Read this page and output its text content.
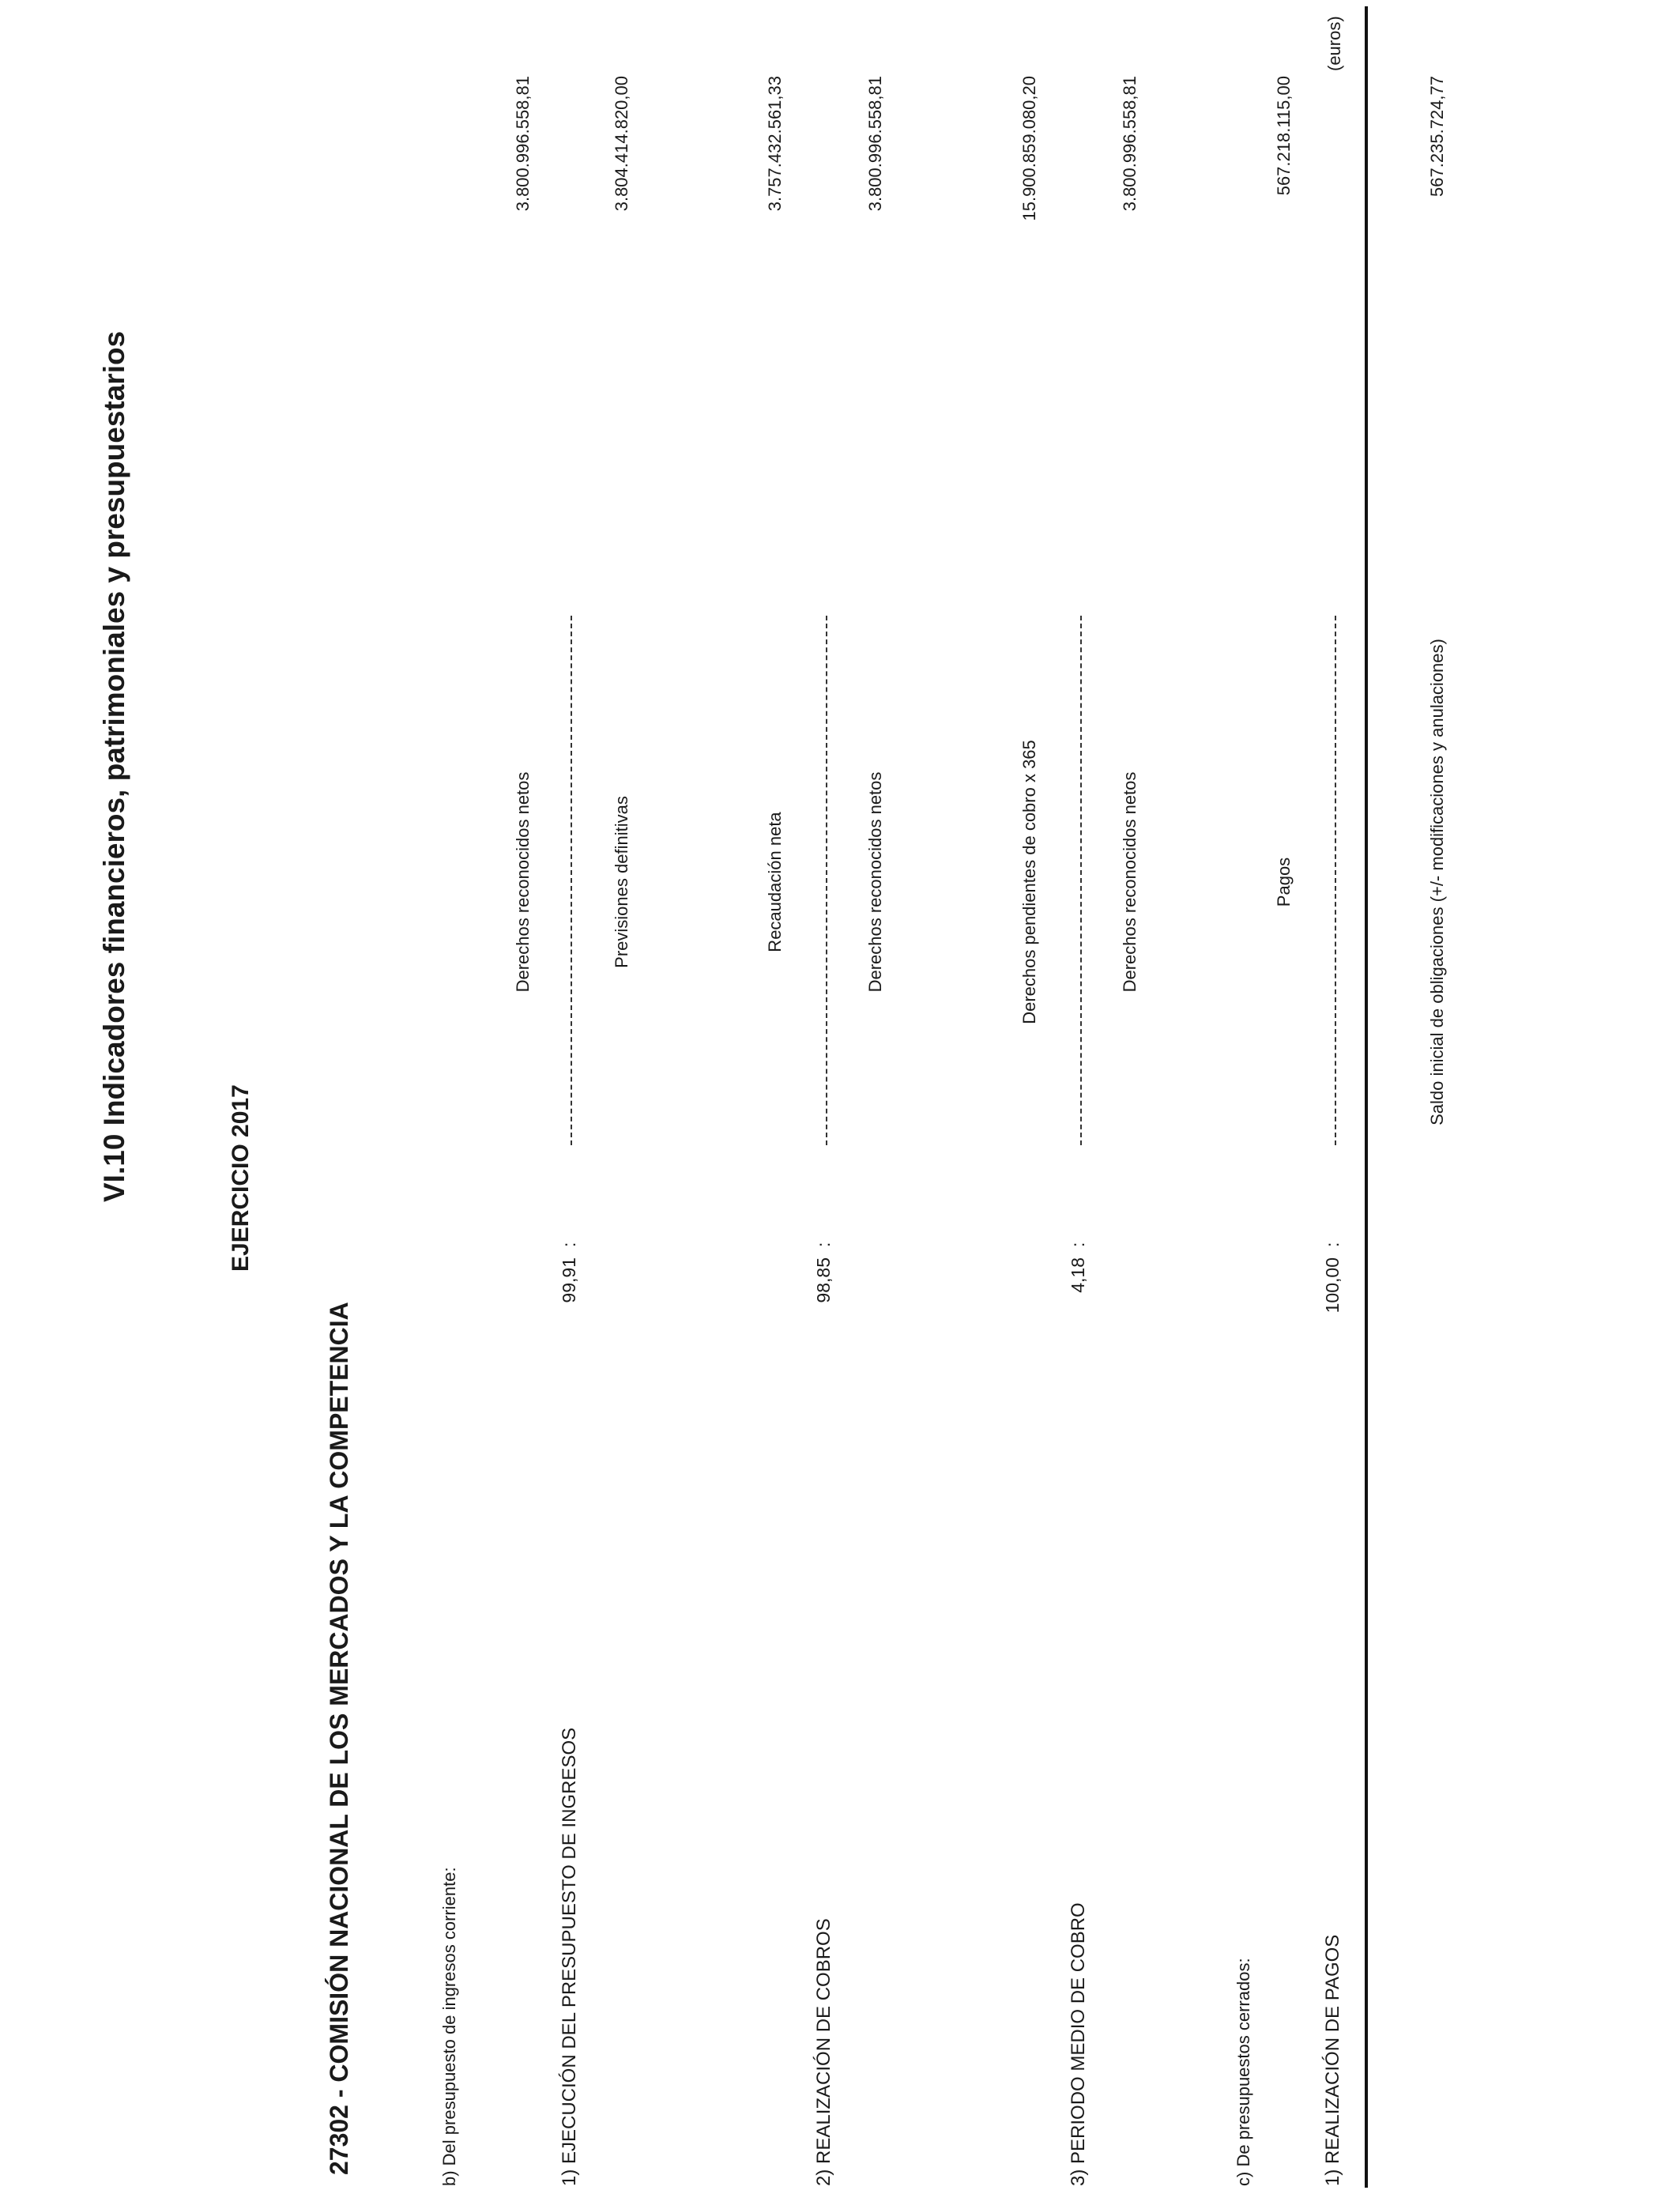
VI.10 Indicadores financieros, patrimoniales y presupuestarios	EJERCICIO 2017
27302 - COMISIÓN NACIONAL DE LOS MERCADOS Y LA COMPETENCIA
(euros)
b) Del presupuesto de ingresos corriente:	1) EJECUCIÓN DEL PRESUPUESTO DE INGRESOS
99,91
:
Derechos reconocidos netos	Previsiones definitivas
3.800.996.558,81	3.804.414.820,00
2) REALIZACIÓN DE COBROS
98,85
:
Recaudación neta	Derechos reconocidos netos
3.757.432.561,33	3.800.996.558,81
3) PERIODO MEDIO DE COBRO
4,18
:
Derechos pendientes de cobro x 365	Derechos reconocidos netos
15.900.859.080,20	3.800.996.558,81
c) De presupuestos cerrados:	1) REALIZACIÓN DE PAGOS
100,00
:
Pagos	Saldo inicial de obligaciones (+/- modificaciones y anulaciones)
567.218.115,00	567.235.724,77
